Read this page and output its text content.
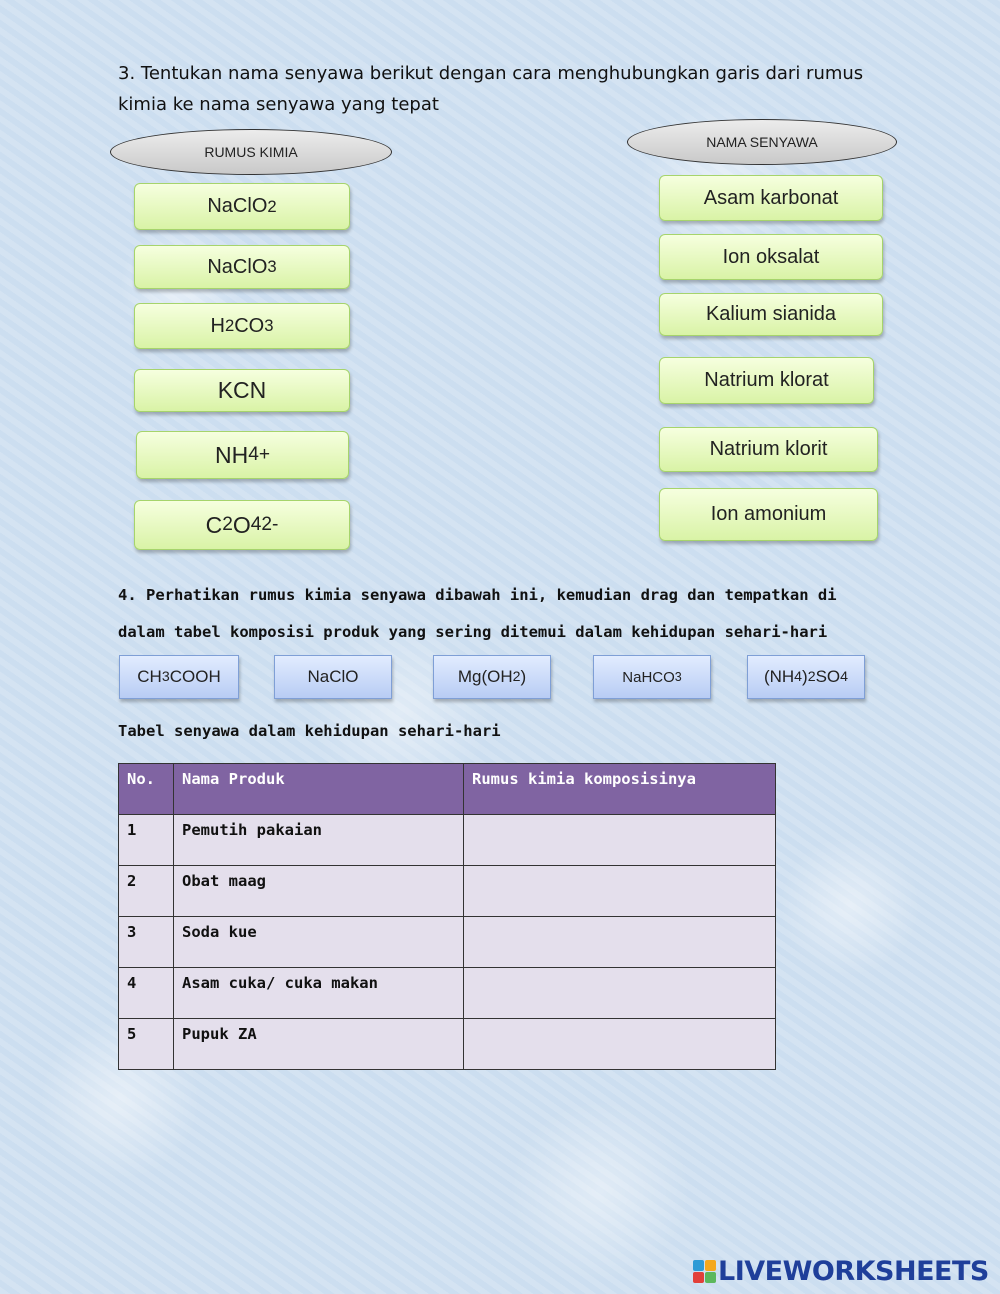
3. Tentukan nama senyawa berikut dengan cara menghubungkan garis dari rumus kimia ke nama senyawa yang tepat
RUMUS KIMIA
NAMA SENYAWA
NaClO 2
NaClO 3
H 2 CO 3
KCN
NH 4 +
C 2 O 4 2-
Asam karbonat
Ion oksalat
Kalium sianida
Natrium klorat
Natrium klorit
Ion amonium
4. Perhatikan rumus kimia senyawa dibawah ini, kemudian drag dan tempatkan di
dalam tabel komposisi produk yang sering ditemui dalam kehidupan sehari-hari
CH 3 COOH	NaClO	Mg(OH 2 )	NaHCO 3	(NH 4 ) 2 SO 4
Tabel senyawa dalam kehidupan sehari-hari
No.	Nama Produk	Rumus kimia komposisinya
1	Pemutih pakaian	
2	Obat maag	
3	Soda kue	
4	Asam cuka/ cuka makan	
5	Pupuk ZA	
LIVEWORKSHEETS
